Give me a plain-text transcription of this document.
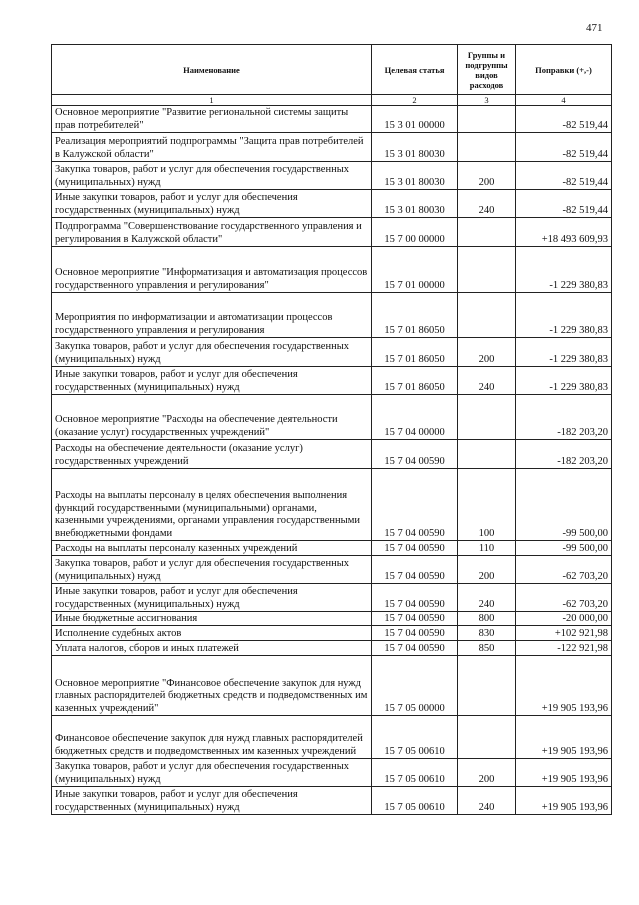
471
Наименование	Целевая статья	Группы и подгруппы видов расходов	Поправки (+,-)
1	2	3	4
Основное мероприятие "Развитие региональной системы защиты прав потребителей"	15 3 01 00000		-82 519,44
Реализация мероприятий подпрограммы "Защита прав потребителей в Калужской области"	15 3 01 80030		-82 519,44
Закупка товаров, работ и услуг для обеспечения государственных (муниципальных) нужд	15 3 01 80030	200	-82 519,44
Иные закупки товаров, работ и услуг для обеспечения государственных (муниципальных) нужд	15 3 01 80030	240	-82 519,44
Подпрограмма "Совершенствование государственного управления и регулирования в Калужской области"	15 7 00 00000		+18 493 609,93
Основное мероприятие "Информатизация и автоматизация процессов государственного управления и регулирования"	15 7 01 00000		-1 229 380,83
Мероприятия по информатизации и автоматизации процессов государственного управления и регулирования	15 7 01 86050		-1 229 380,83
Закупка товаров, работ и услуг для обеспечения государственных (муниципальных) нужд	15 7 01 86050	200	-1 229 380,83
Иные закупки товаров, работ и услуг для обеспечения государственных (муниципальных) нужд	15 7 01 86050	240	-1 229 380,83
Основное мероприятие "Расходы на обеспечение деятельности (оказание услуг) государственных учреждений"	15 7 04 00000		-182 203,20
Расходы на обеспечение деятельности (оказание услуг) государственных учреждений	15 7 04 00590		-182 203,20
Расходы на выплаты персоналу в целях обеспечения выполнения функций государственными (муниципальными) органами, казенными учреждениями, органами управления государственными внебюджетными фондами	15 7 04 00590	100	-99 500,00
Расходы на выплаты персоналу казенных учреждений	15 7 04 00590	110	-99 500,00
Закупка товаров, работ и услуг для обеспечения государственных (муниципальных) нужд	15 7 04 00590	200	-62 703,20
Иные закупки товаров, работ и услуг для обеспечения государственных (муниципальных) нужд	15 7 04 00590	240	-62 703,20
Иные бюджетные ассигнования	15 7 04 00590	800	-20 000,00
Исполнение судебных актов	15 7 04 00590	830	+102 921,98
Уплата налогов, сборов и иных платежей	15 7 04 00590	850	-122 921,98
Основное мероприятие "Финансовое обеспечение закупок для нужд главных распорядителей бюджетных средств и подведомственных им казенных учреждений"	15 7 05 00000		+19 905 193,96
Финансовое обеспечение закупок для нужд главных распорядителей бюджетных средств и подведомственных им казенных учреждений	15 7 05 00610		+19 905 193,96
Закупка товаров, работ и услуг для обеспечения государственных (муниципальных) нужд	15 7 05 00610	200	+19 905 193,96
Иные закупки товаров, работ и услуг для обеспечения государственных (муниципальных) нужд	15 7 05 00610	240	+19 905 193,96
